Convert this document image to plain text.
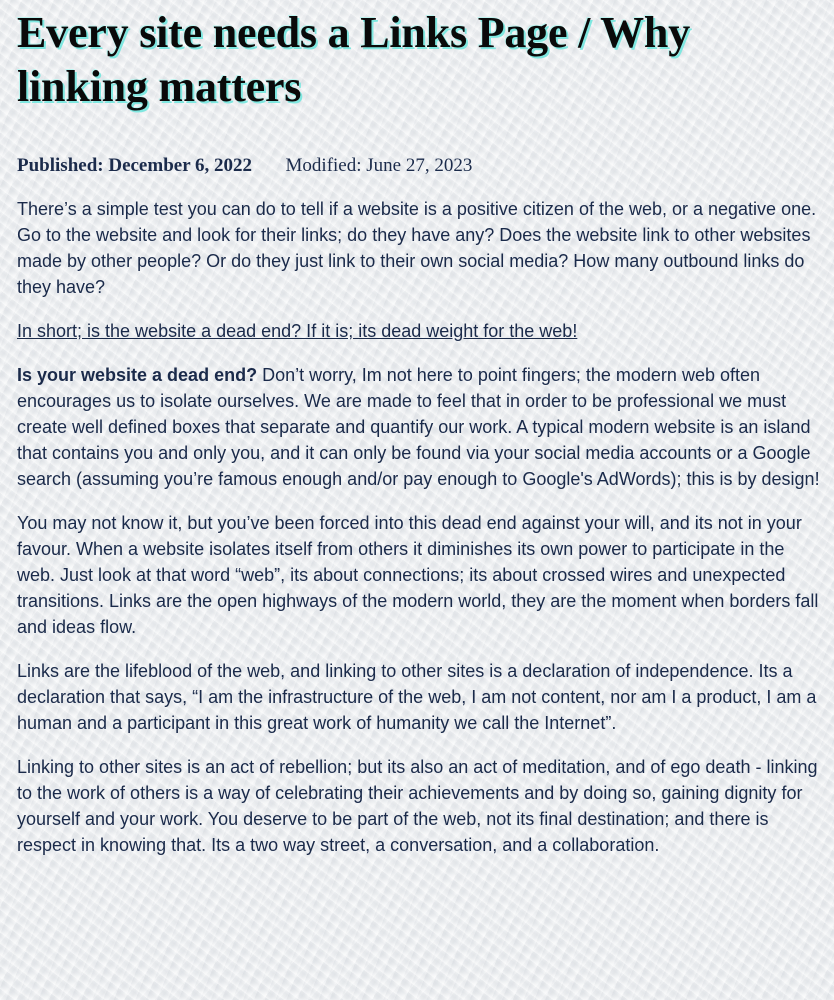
Every site needs a Links Page / Why linking matters
Published: December 6, 2022 Modified: June 27, 2023

There’s a simple test you can do to tell if a website is a positive citizen of the web, or a negative one. Go to the website and look for their links; do they have any? Does the website link to other websites made by other people? Or do they just link to their own social media? How many outbound links do they have?

In short; is the website a dead end? If it is; its dead weight for the web!

Is your website a dead end? Don’t worry, Im not here to point fingers; the modern web often encourages us to isolate ourselves. We are made to feel that in order to be professional we must create well defined boxes that separate and quantify our work. A typical modern website is an island that contains you and only you, and it can only be found via your social media accounts or a Google search (assuming you’re famous enough and/or pay enough to Google's AdWords); this is by design!

You may not know it, but you’ve been forced into this dead end against your will, and its not in your favour. When a website isolates itself from others it diminishes its own power to participate in the web. Just look at that word “web”, its about connections; its about crossed wires and unexpected transitions. Links are the open highways of the modern world, they are the moment when borders fall and ideas flow.

Links are the lifeblood of the web, and linking to other sites is a declaration of independence. Its a declaration that says, “I am the infrastructure of the web, I am not content, nor am I a product, I am a human and a participant in this great work of humanity we call the Internet”.

Linking to other sites is an act of rebellion; but its also an act of meditation, and of ego death - linking to the work of others is a way of celebrating their achievements and by doing so, gaining dignity for yourself and your work. You deserve to be part of the web, not its final destination; and there is respect in knowing that. Its a two way street, a conversation, and a collaboration.
